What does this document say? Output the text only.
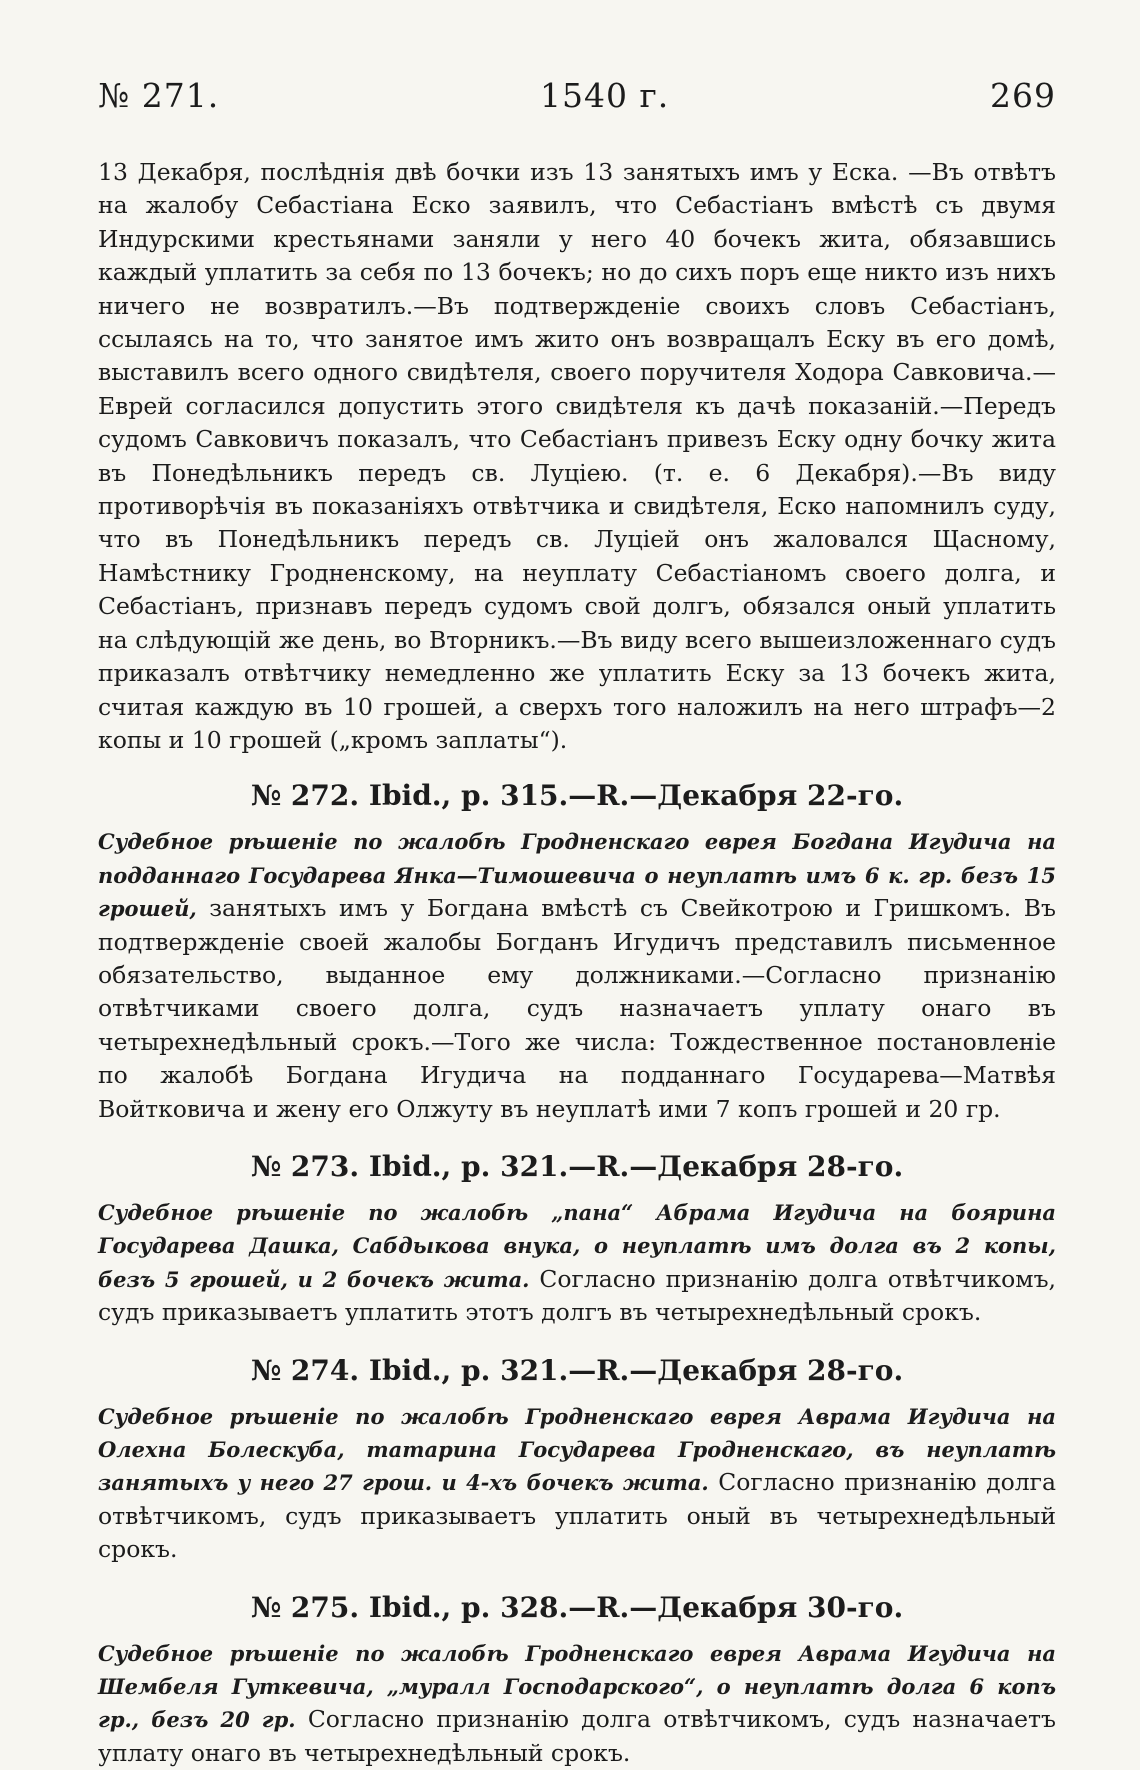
№ 271.	1540 г.	269

13 Декабря, послѣднія двѣ бочки изъ 13 занятыхъ имъ у Еска. —Въ отвѣтъ на жалобу Себастіана Еско заявилъ, что Себастіанъ вмѣстѣ съ двумя Индурскими крестьянами заняли у него 40 бочекъ жита, обязавшись каждый уплатить за себя по 13 бочекъ; но до сихъ поръ еще никто изъ нихъ ничего не возвратилъ.—Въ подтвержденіе своихъ словъ Себастіанъ, ссылаясь на то, что занятое имъ жито онъ возвращалъ Еску въ его домѣ, выставилъ всего одного свидѣтеля, своего поручителя Ходора Савковича.—Еврей согласился допустить этого свидѣтеля къ дачѣ показаній.—Передъ судомъ Савковичъ показалъ, что Себастіанъ привезъ Еску одну бочку жита въ Понедѣльникъ передъ св. Луціею. (т. е. 6 Декабря).—Въ виду противорѣчія въ показаніяхъ отвѣтчика и свидѣтеля, Еско напомнилъ суду, что въ Понедѣльникъ передъ св. Луціей онъ жаловался Щасному, Намѣстнику Гродненскому, на неуплату Себастіаномъ своего долга, и Себастіанъ, признавъ передъ судомъ свой долгъ, обязался оный уплатить на слѣдующій же день, во Вторникъ.—Въ виду всего вышеизложеннаго судъ приказалъ отвѣтчику немедленно же уплатить Еску за 13 бочекъ жита, считая каждую въ 10 грошей, а сверхъ того наложилъ на него штрафъ—2 копы и 10 грошей („кромъ заплаты“).

№ 272. Ibid., p. 315.—R.—Декабря 22-го.

Судебное рѣшеніе по жалобѣ Гродненскаго еврея Богдана Игудича на подданнаго Государева Янка—Тимошевича о неуплатѣ имъ 6 к. гр. безъ 15 грошей, занятыхъ имъ у Богдана вмѣстѣ съ Свейкотрою и Гришкомъ. Въ подтвержденіе своей жалобы Богданъ Игудичъ представилъ письменное обязательство, выданное ему должниками.—Согласно признанію отвѣтчиками своего долга, судъ назначаетъ уплату онаго въ четырехнедѣльный срокъ.—Того же числа: Тождественное постановленіе по жалобѣ Богдана Игудича на подданнаго Государева—Матвѣя Войтковича и жену его Олжуту въ неуплатѣ ими 7 копъ грошей и 20 гр.

№ 273. Ibid., p. 321.—R.—Декабря 28-го.

Судебное рѣшеніе по жалобѣ „пана“ Абрама Игудича на боярина Государева Дашка, Сабдыкова внука, о неуплатѣ имъ долга въ 2 копы, безъ 5 грошей, и 2 бочекъ жита. Согласно признанію долга отвѣтчикомъ, судъ приказываетъ уплатить этотъ долгъ въ четырехнедѣльный срокъ.

№ 274. Ibid., p. 321.—R.—Декабря 28-го.

Судебное рѣшеніе по жалобѣ Гродненскаго еврея Аврама Игудича на Олехна Болескуба, татарина Государева Гродненскаго, въ неуплатѣ занятыхъ у него 27 грош. и 4-хъ бочекъ жита. Согласно признанію долга отвѣтчикомъ, судъ приказываетъ уплатить оный въ четырехнедѣльный срокъ.

№ 275. Ibid., p. 328.—R.—Декабря 30-го.

Судебное рѣшеніе по жалобѣ Гродненскаго еврея Аврама Игудича на Шембеля Гуткевича, „муралл Господарского“, о неуплатѣ долга 6 копъ гр., безъ 20 гр. Согласно признанію долга отвѣтчикомъ, судъ назначаетъ уплату онаго въ четырехнедѣльный срокъ.
